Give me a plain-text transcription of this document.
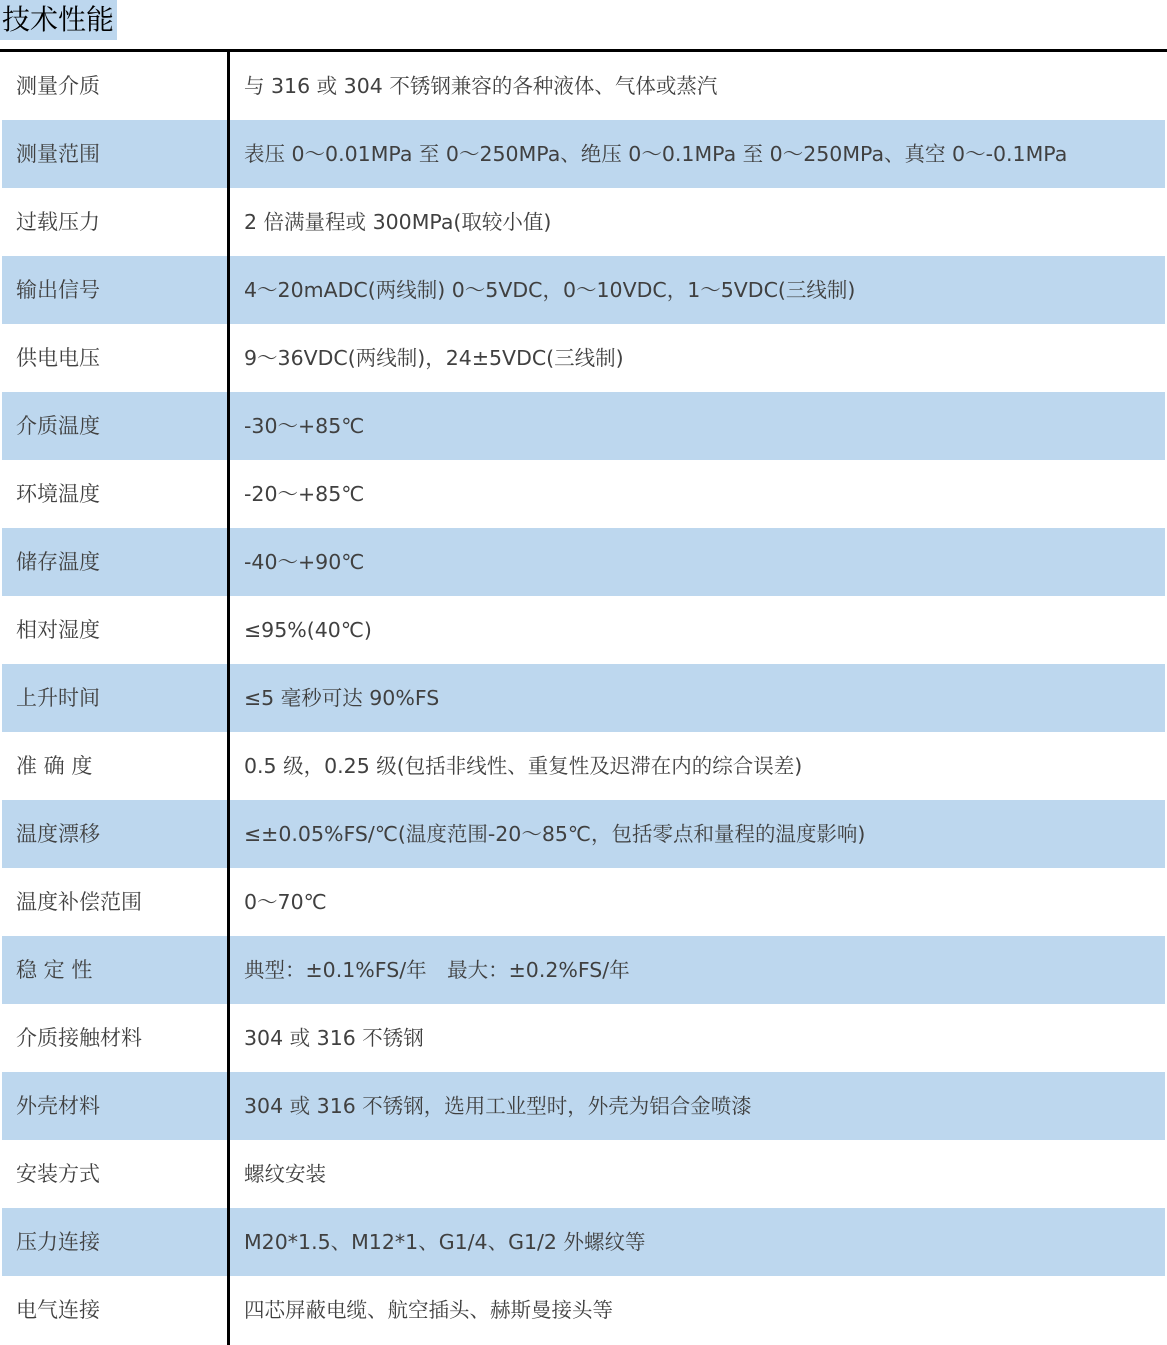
技术性能
测量介质	与 316 或 304 不锈钢兼容的各种液体、气体或蒸汽
测量范围	表压 0～0.01MPa 至 0～250MPa、绝压 0～0.1MPa 至 0～250MPa、真空 0～-0.1MPa
过载压力	2 倍满量程或 300MPa(取较小值)
输出信号	4～20mADC(两线制) 0～5VDC，0～10VDC，1～5VDC(三线制)
供电电压	9～36VDC(两线制)，24±5VDC(三线制)
介质温度	-30～+85℃
环境温度	-20～+85℃
储存温度	-40～+90℃
相对湿度	≤95%(40℃)
上升时间	≤5 毫秒可达 90%FS
准 确 度	0.5 级，0.25 级(包括非线性、重复性及迟滞在内的综合误差)
温度漂移	≤±0.05%FS/℃(温度范围-20～85℃，包括零点和量程的温度影响)
温度补偿范围	0～70℃
稳 定 性	典型：±0.1%FS/年　最大：±0.2%FS/年
介质接触材料	304 或 316 不锈钢
外壳材料	304 或 316 不锈钢，选用工业型时，外壳为铝合金喷漆
安装方式	螺纹安装
压力连接	M20*1.5、M12*1、G1/4、G1/2 外螺纹等
电气连接	四芯屏蔽电缆、航空插头、赫斯曼接头等
